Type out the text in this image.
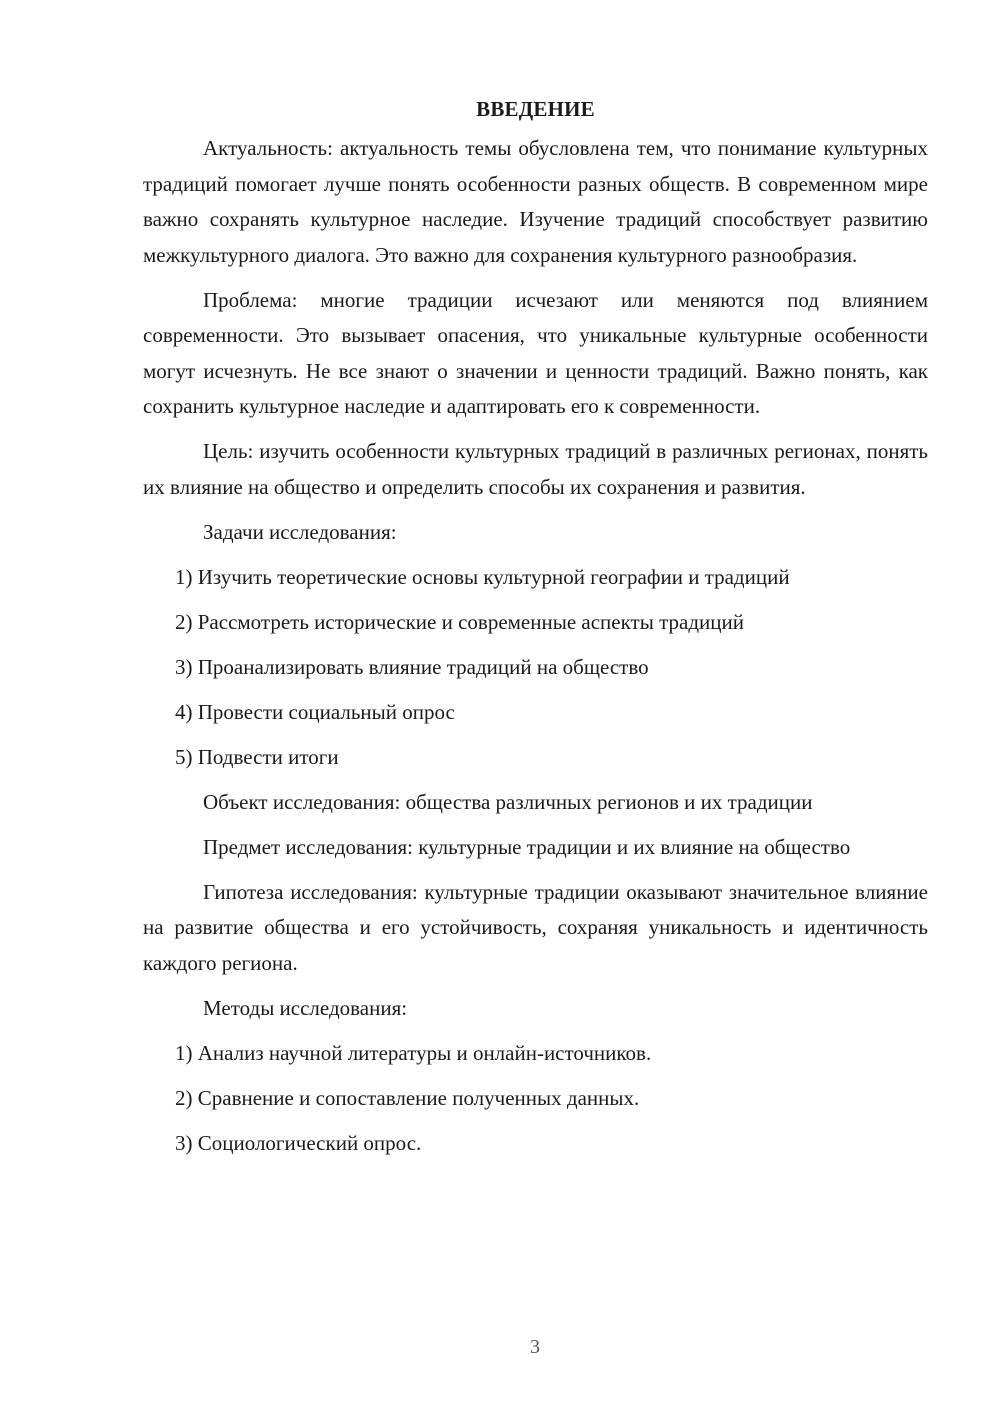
ВВЕДЕНИЕ

Актуальность: актуальность темы обусловлена тем, что понимание культурных традиций помогает лучше понять особенности разных обществ. В современном мире важно сохранять культурное наследие. Изучение традиций способствует развитию межкультурного диалога. Это важно для сохранения культурного разнообразия.

Проблема: многие традиции исчезают или меняются под влиянием современности. Это вызывает опасения, что уникальные культурные особенности могут исчезнуть. Не все знают о значении и ценности традиций. Важно понять, как сохранить культурное наследие и адаптировать его к современности.

Цель: изучить особенности культурных традиций в различных регионах, понять их влияние на общество и определить способы их сохранения и развития.

Задачи исследования:

1) Изучить теоретические основы культурной географии и традиций

2) Рассмотреть исторические и современные аспекты традиций

3) Проанализировать влияние традиций на общество

4) Провести социальный опрос

5) Подвести итоги

Объект исследования: общества различных регионов и их традиции

Предмет исследования: культурные традиции и их влияние на общество

Гипотеза исследования: культурные традиции оказывают значительное влияние на развитие общества и его устойчивость, сохраняя уникальность и идентичность каждого региона.

Методы исследования:

1) Анализ научной литературы и онлайн-источников.

2) Сравнение и сопоставление полученных данных.

3) Социологический опрос.

3
